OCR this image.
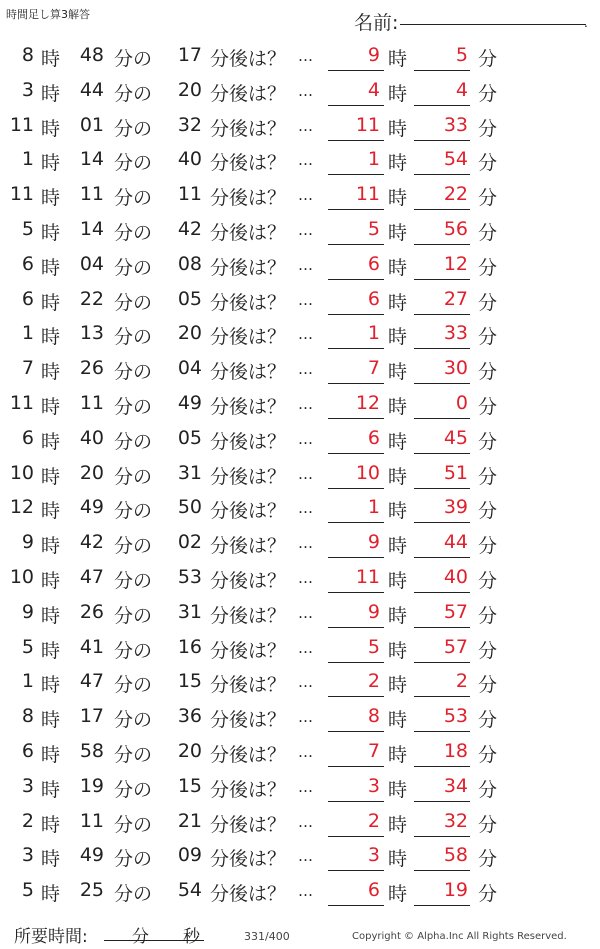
時間足し算3解答	名前:	.
8 時	48 分の	17 分後は？ …	9 時	5 分
3 時	44 分の	20 分後は？ …	4 時	4 分
11 時	01 分の	32 分後は？ …	11 時	33 分
1 時	14 分の	40 分後は？ …	1 時	54 分
11 時	11 分の	11 分後は？ …	11 時	22 分
5 時	14 分の	42 分後は？ …	5 時	56 分
6 時	04 分の	08 分後は？ …	6 時	12 分
6 時	22 分の	05 分後は？ …	6 時	27 分
1 時	13 分の	20 分後は？ …	1 時	33 分
7 時	26 分の	04 分後は？ …	7 時	30 分
11 時	11 分の	49 分後は？ …	12 時	0 分
6 時	40 分の	05 分後は？ …	6 時	45 分
10 時	20 分の	31 分後は？ …	10 時	51 分
12 時	49 分の	50 分後は？ …	1 時	39 分
9 時	42 分の	02 分後は？ …	9 時	44 分
10 時	47 分の	53 分後は？ …	11 時	40 分
9 時	26 分の	31 分後は？ …	9 時	57 分
5 時	41 分の	16 分後は？ …	5 時	57 分
1 時	47 分の	15 分後は？ …	2 時	2 分
8 時	17 分の	36 分後は？ …	8 時	53 分
6 時	58 分の	20 分後は？ …	7 時	18 分
3 時	19 分の	15 分後は？ …	3 時	34 分
2 時	11 分の	21 分後は？ …	2 時	32 分
3 時	49 分の	09 分後は？ …	3 時	58 分
5 時	25 分の	54 分後は？ …	6 時	19 分
所要時間:	分 秒	331/400	Copyright © Alpha.Inc All Rights Reserved.
